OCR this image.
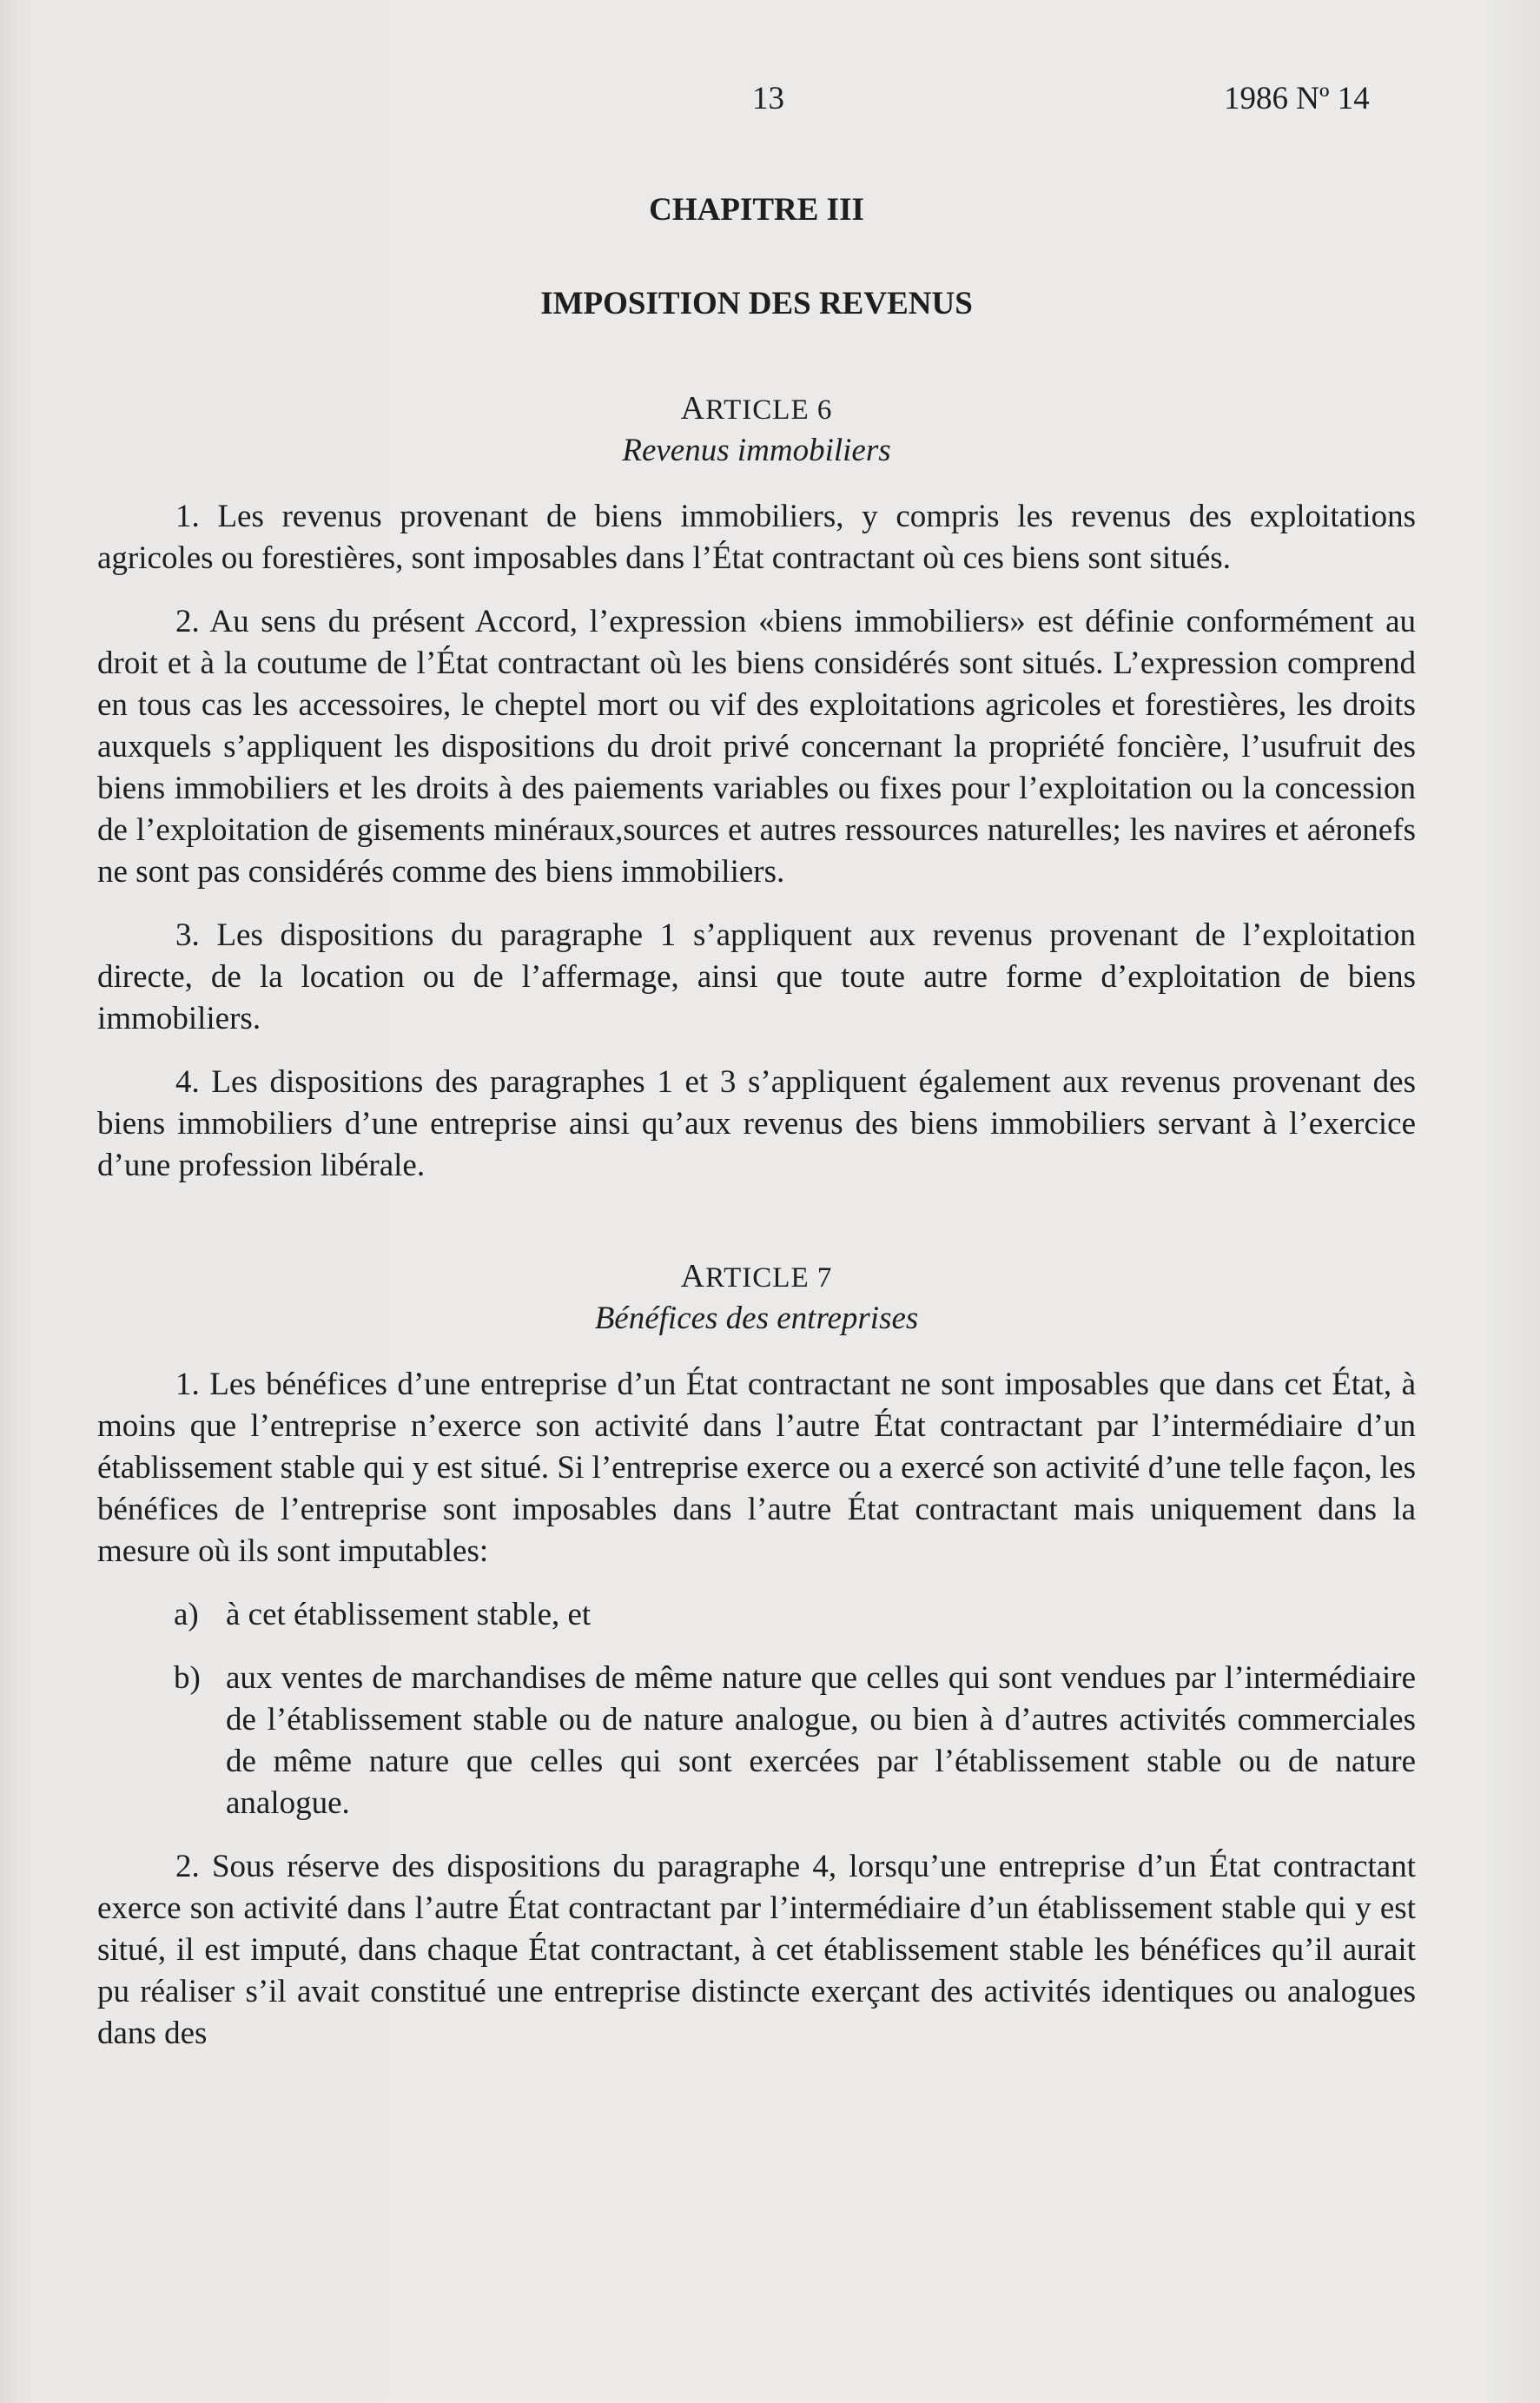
13	1986 Nº 14

CHAPITRE III

IMPOSITION DES REVENUS

ARTICLE 6

Revenus immobiliers

1. Les revenus provenant de biens immobiliers, y compris les revenus des exploitations agricoles ou forestières, sont imposables dans l’État contractant où ces biens sont situés.

2. Au sens du présent Accord, l’expression «biens immobiliers» est définie conformément au droit et à la coutume de l’État contractant où les biens considérés sont situés. L’expression comprend en tous cas les accessoires, le cheptel mort ou vif des exploitations agricoles et forestières, les droits auxquels s’appliquent les dispositions du droit privé concernant la propriété foncière, l’usufruit des biens immobiliers et les droits à des paiements variables ou fixes pour l’exploitation ou la concession de l’exploitation de gisements minéraux,sources et autres ressources naturelles; les navires et aéronefs ne sont pas considérés comme des biens immobiliers.

3. Les dispositions du paragraphe 1 s’appliquent aux revenus provenant de l’exploitation directe, de la location ou de l’affermage, ainsi que toute autre forme d’exploitation de biens immobiliers.

4. Les dispositions des paragraphes 1 et 3 s’appliquent également aux revenus provenant des biens immobiliers d’une entreprise ainsi qu’aux revenus des biens immobiliers servant à l’exercice d’une profession libérale.

ARTICLE 7

Bénéfices des entreprises

1. Les bénéfices d’une entreprise d’un État contractant ne sont imposables que dans cet État, à moins que l’entreprise n’exerce son activité dans l’autre État contractant par l’intermédiaire d’un établissement stable qui y est situé. Si l’entreprise exerce ou a exercé son activité d’une telle façon, les bénéfices de l’entreprise sont imposables dans l’autre État contractant mais uniquement dans la mesure où ils sont imputables:

a) à cet établissement stable, et
b) aux ventes de marchandises de même nature que celles qui sont vendues par l’intermédiaire de l’établissement stable ou de nature analogue, ou bien à d’autres activités commerciales de même nature que celles qui sont exercées par l’établissement stable ou de nature analogue.

2. Sous réserve des dispositions du paragraphe 4, lorsqu’une entreprise d’un État contractant exerce son activité dans l’autre État contractant par l’intermédiaire d’un établissement stable qui y est situé, il est imputé, dans chaque État contractant, à cet établissement stable les bénéfices qu’il aurait pu réaliser s’il avait constitué une entreprise distincte exerçant des activités identiques ou analogues dans des
